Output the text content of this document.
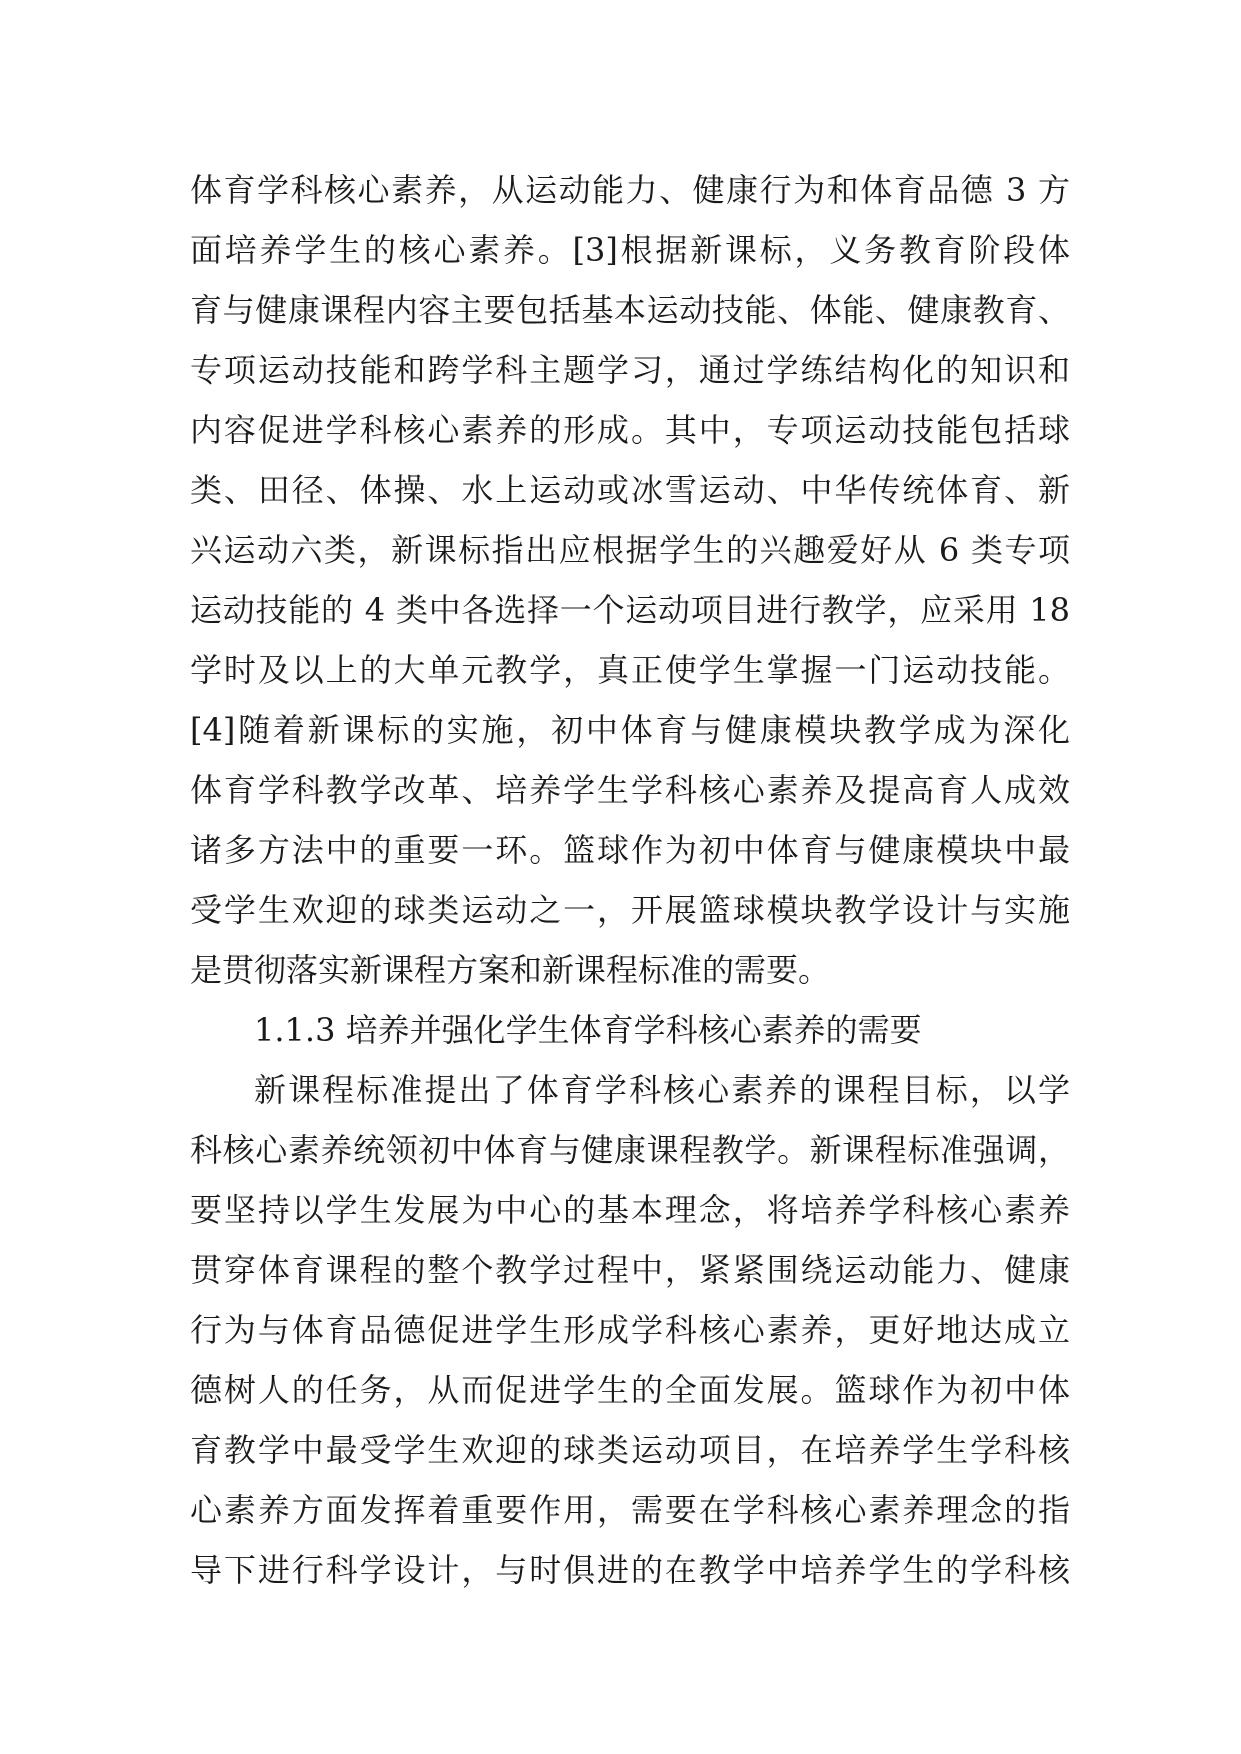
体育学科核心素养，从运动能力、健康行为和体育品德 3 方
面培养学生的核心素养。[3]根据新课标，义务教育阶段体
育与健康课程内容主要包括基本运动技能、体能、健康教育、
专项运动技能和跨学科主题学习，通过学练结构化的知识和
内容促进学科核心素养的形成。其中，专项运动技能包括球
类、田径、体操、水上运动或冰雪运动、中华传统体育、新
兴运动六类，新课标指出应根据学生的兴趣爱好从 6 类专项
运动技能的 4 类中各选择一个运动项目进行教学，应采用 18
学时及以上的大单元教学，真正使学生掌握一门运动技能。
[4]随着新课标的实施，初中体育与健康模块教学成为深化
体育学科教学改革、培养学生学科核心素养及提高育人成效
诸多方法中的重要一环。篮球作为初中体育与健康模块中最
受学生欢迎的球类运动之一，开展篮球模块教学设计与实施
是贯彻落实新课程方案和新课程标准的需要。
1.1.3 培养并强化学生体育学科核心素养的需要
新课程标准提出了体育学科核心素养的课程目标，以学
科核心素养统领初中体育与健康课程教学。新课程标准强调，
要坚持以学生发展为中心的基本理念，将培养学科核心素养
贯穿体育课程的整个教学过程中，紧紧围绕运动能力、健康
行为与体育品德促进学生形成学科核心素养，更好地达成立
德树人的任务，从而促进学生的全面发展。篮球作为初中体
育教学中最受学生欢迎的球类运动项目，在培养学生学科核
心素养方面发挥着重要作用，需要在学科核心素养理念的指
导下进行科学设计，与时俱进的在教学中培养学生的学科核
